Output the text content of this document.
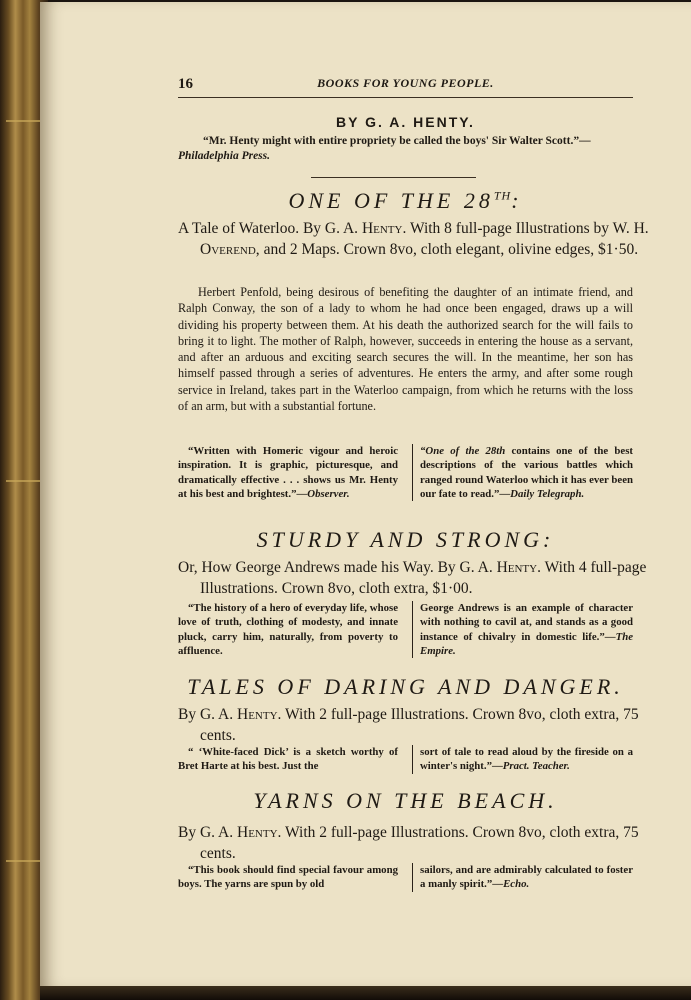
16	BOOKS FOR YOUNG PEOPLE.
BY G. A. HENTY.
“Mr. Henty might with entire propriety be called the boys' Sir Walter Scott.”—Philadelphia Press.
ONE OF THE 28TH:
A Tale of Waterloo. By G. A. Henty. With 8 full-page Illustrations by W. H. Overend, and 2 Maps. Crown 8vo, cloth elegant, olivine edges, $1·50.
Herbert Penfold, being desirous of benefiting the daughter of an intimate friend, and Ralph Conway, the son of a lady to whom he had once been engaged, draws up a will dividing his property between them. At his death the authorized search for the will fails to bring it to light. The mother of Ralph, however, succeeds in entering the house as a servant, and after an arduous and exciting search secures the will. In the meantime, her son has himself passed through a series of adventures. He enters the army, and after some rough service in Ireland, takes part in the Waterloo campaign, from which he returns with the loss of an arm, but with a substantial fortune.
“Written with Homeric vigour and heroic inspiration. It is graphic, picturesque, and dramatically effective . . . shows us Mr. Henty at his best and brightest.”—Observer.
“One of the 28th contains one of the best descriptions of the various battles which ranged round Waterloo which it has ever been our fate to read.”—Daily Telegraph.
STURDY AND STRONG:
Or, How George Andrews made his Way. By G. A. Henty. With 4 full-page Illustrations. Crown 8vo, cloth extra, $1·00.
“The history of a hero of everyday life, whose love of truth, clothing of modesty, and innate pluck, carry him, naturally, from poverty to affluence.
George Andrews is an example of character with nothing to cavil at, and stands as a good instance of chivalry in domestic life.”—The Empire.
TALES OF DARING AND DANGER.
By G. A. Henty. With 2 full-page Illustrations. Crown 8vo, cloth extra, 75 cents.
“ ‘White-faced Dick’ is a sketch worthy of Bret Harte at his best. Just the
sort of tale to read aloud by the fireside on a winter's night.”—Pract. Teacher.
YARNS ON THE BEACH.
By G. A. Henty. With 2 full-page Illustrations. Crown 8vo, cloth extra, 75 cents.
“This book should find special favour among boys. The yarns are spun by old
sailors, and are admirably calculated to foster a manly spirit.”—Echo.
